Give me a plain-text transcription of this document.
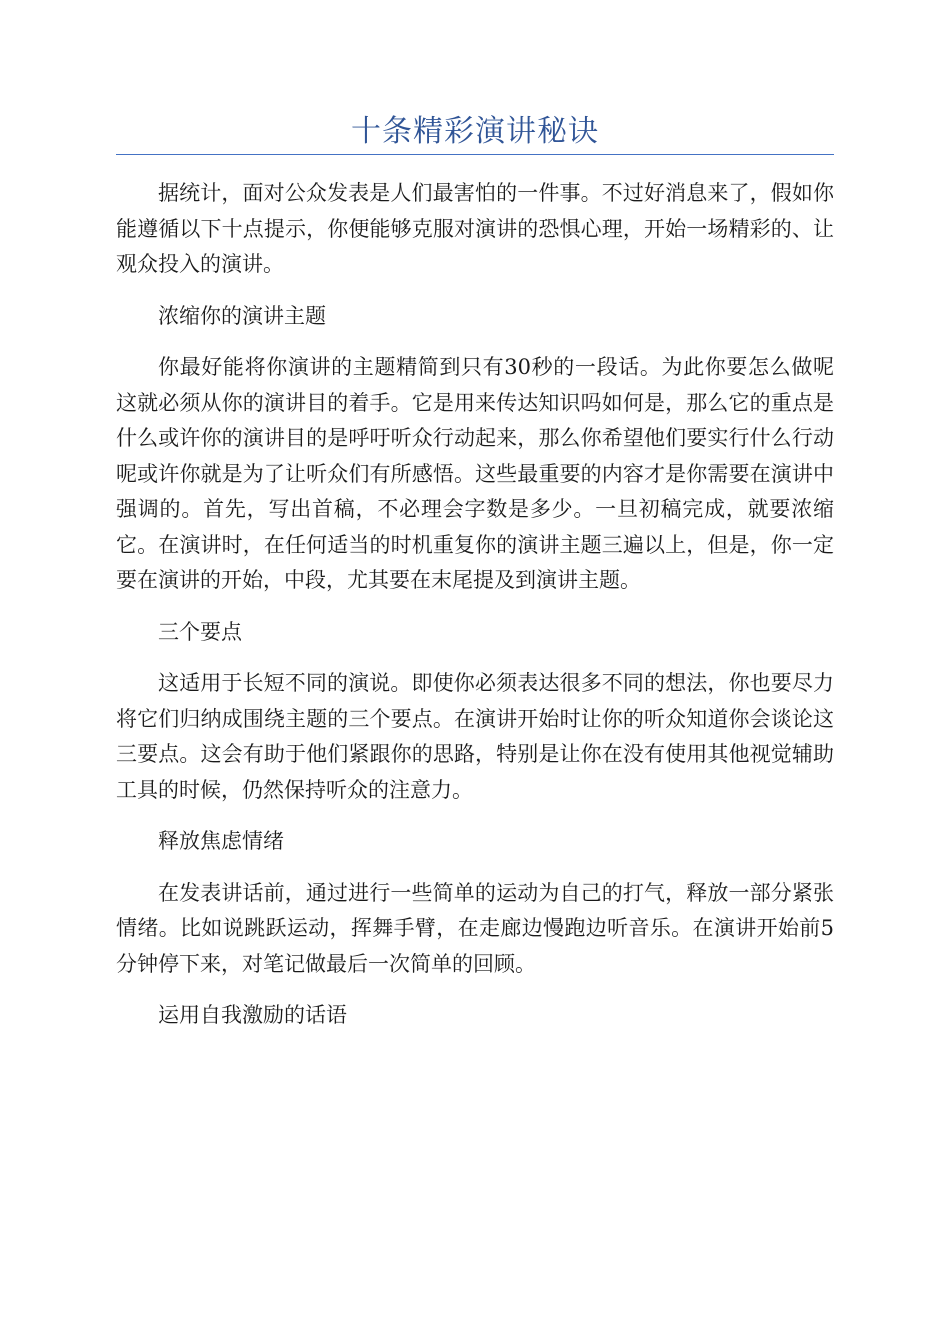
十条精彩演讲秘诀

据统计，面对公众发表是人们最害怕的一件事。不过好消息来了，假如你能遵循以下十点提示，你便能够克服对演讲的恐惧心理，开始一场精彩的、让观众投入的演讲。

浓缩你的演讲主题

你最好能将你演讲的主题精简到只有30秒的一段话。为此你要怎么做呢这就必须从你的演讲目的着手。它是用来传达知识吗如何是，那么它的重点是什么或许你的演讲目的是呼吁听众行动起来，那么你希望他们要实行什么行动呢或许你就是为了让听众们有所感悟。这些最重要的内容才是你需要在演讲中强调的。首先，写出首稿，不必理会字数是多少。一旦初稿完成，就要浓缩它。在演讲时，在任何适当的时机重复你的演讲主题三遍以上，但是，你一定要在演讲的开始，中段，尤其要在末尾提及到演讲主题。

三个要点

这适用于长短不同的演说。即使你必须表达很多不同的想法，你也要尽力将它们归纳成围绕主题的三个要点。在演讲开始时让你的听众知道你会谈论这三要点。这会有助于他们紧跟你的思路，特别是让你在没有使用其他视觉辅助工具的时候，仍然保持听众的注意力。

释放焦虑情绪

在发表讲话前，通过进行一些简单的运动为自己的打气，释放一部分紧张情绪。比如说跳跃运动，挥舞手臂，在走廊边慢跑边听音乐。在演讲开始前5分钟停下来，对笔记做最后一次简单的回顾。

运用自我激励的话语
